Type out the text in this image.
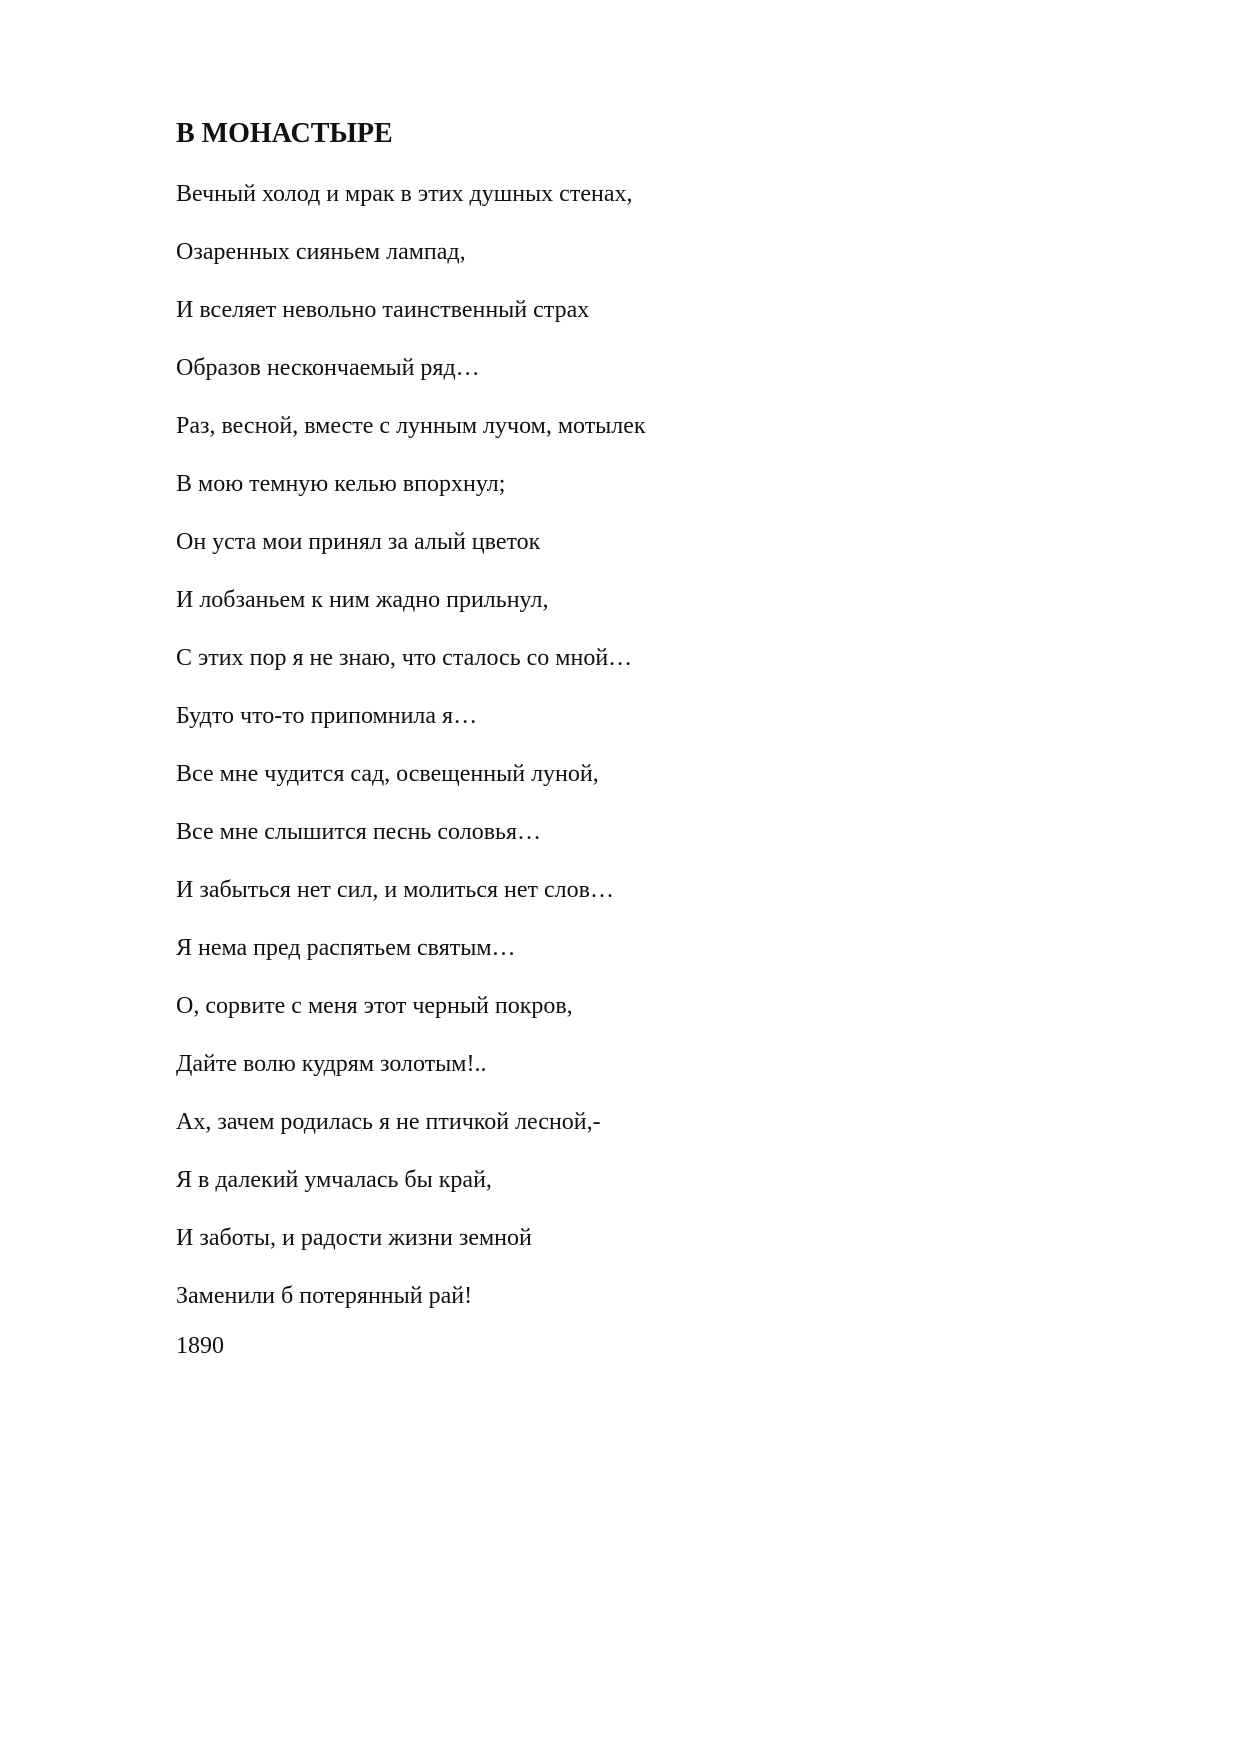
В МОНАСТЫРЕ
Вечный холод и мрак в этих душных стенах,
Озаренных сияньем лампад,
И вселяет невольно таинственный страх
Образов нескончаемый ряд…
Раз, весной, вместе с лунным лучом, мотылек
В мою темную келью впорхнул;
Он уста мои принял за алый цветок
И лобзаньем к ним жадно прильнул,
С этих пор я не знаю, что сталось со мной…
Будто что-то припомнила я…
Все мне чудится сад, освещенный луной,
Все мне слышится песнь соловья…
И забыться нет сил, и молиться нет слов…
Я нема пред распятьем святым…
О, сорвите с меня этот черный покров,
Дайте волю кудрям золотым!..
Ах, зачем родилась я не птичкой лесной,-
Я в далекий умчалась бы край,
И заботы, и радости жизни земной
Заменили б потерянный рай!

1890
